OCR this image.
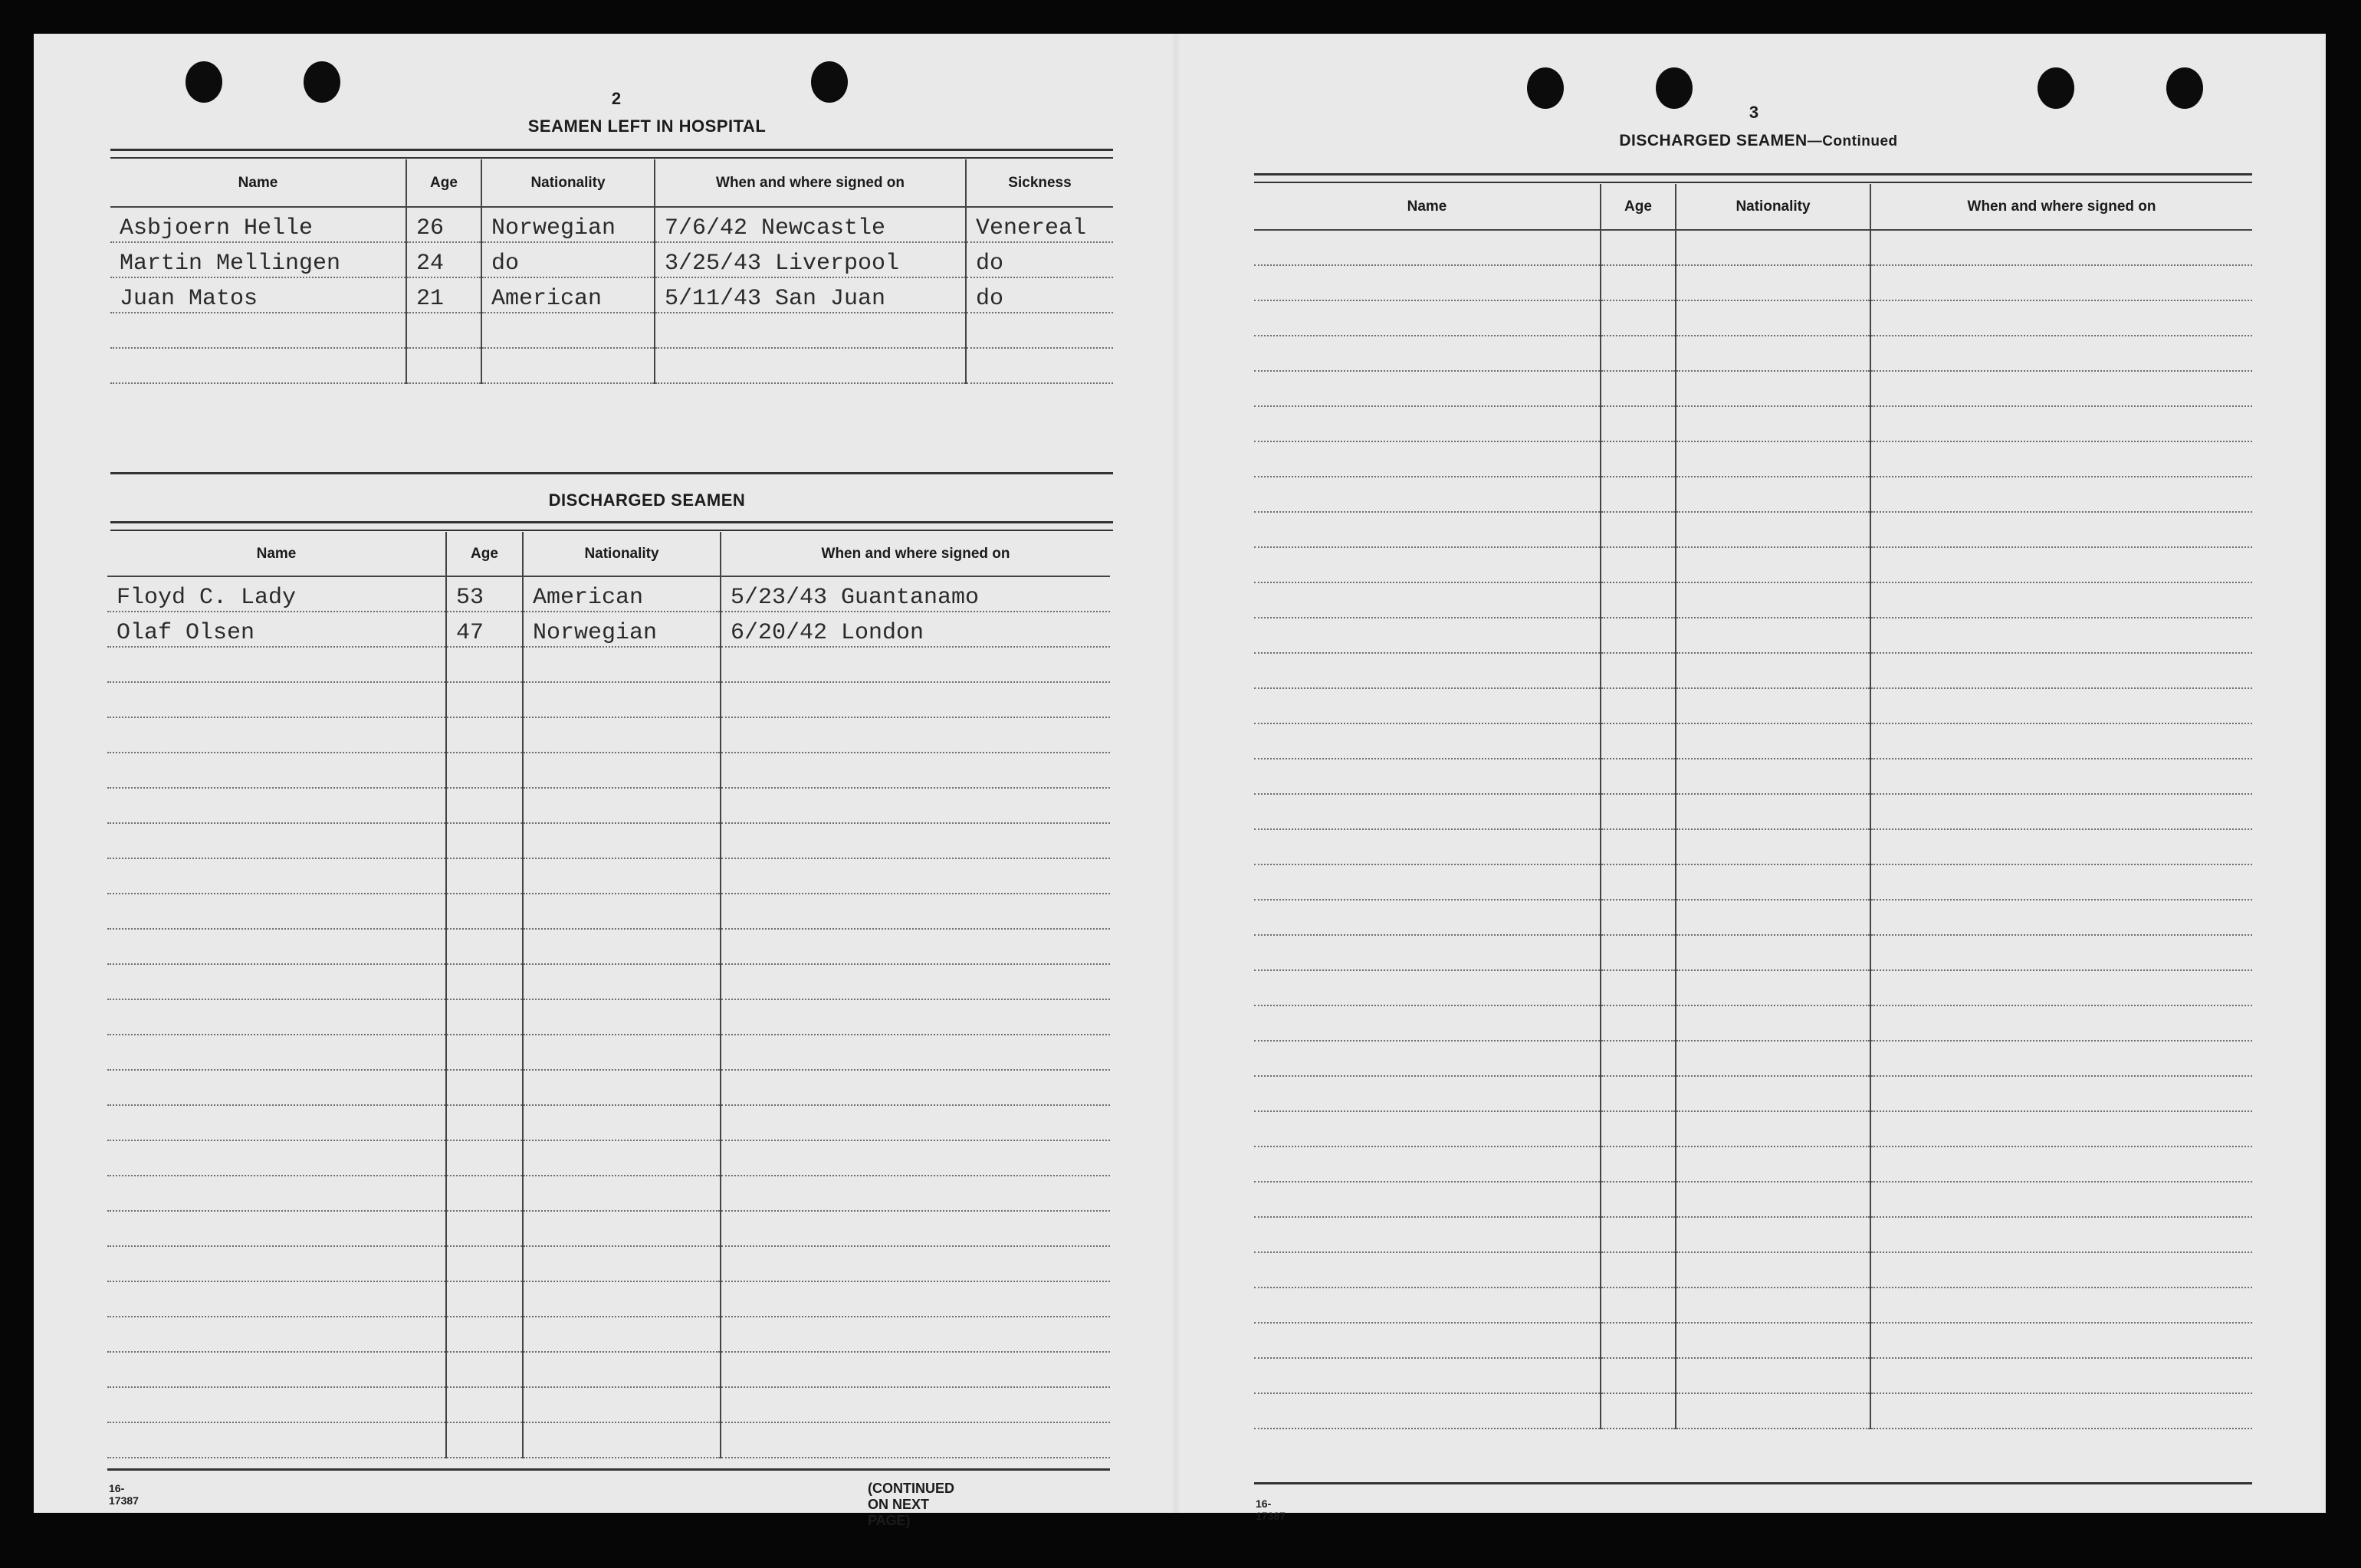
2
SEAMEN LEFT IN HOSPITAL
Name	Age	Nationality	When and where signed on	Sickness
Asbjoern Helle	26	Norwegian	7/6/42 Newcastle	Venereal
Martin Mellingen	24	do	3/25/43 Liverpool	do
Juan Matos	21	American	5/11/43 San Juan	do

DISCHARGED SEAMEN
Name	Age	Nationality	When and where signed on
Floyd C. Lady	53	American	5/23/43 Guantanamo
Olaf Olsen	47	Norwegian	6/20/42 London

16-17387
(CONTINUED ON NEXT PAGE)
3
DISCHARGED SEAMEN—Continued
Name	Age	Nationality	When and where signed on

16-17387
